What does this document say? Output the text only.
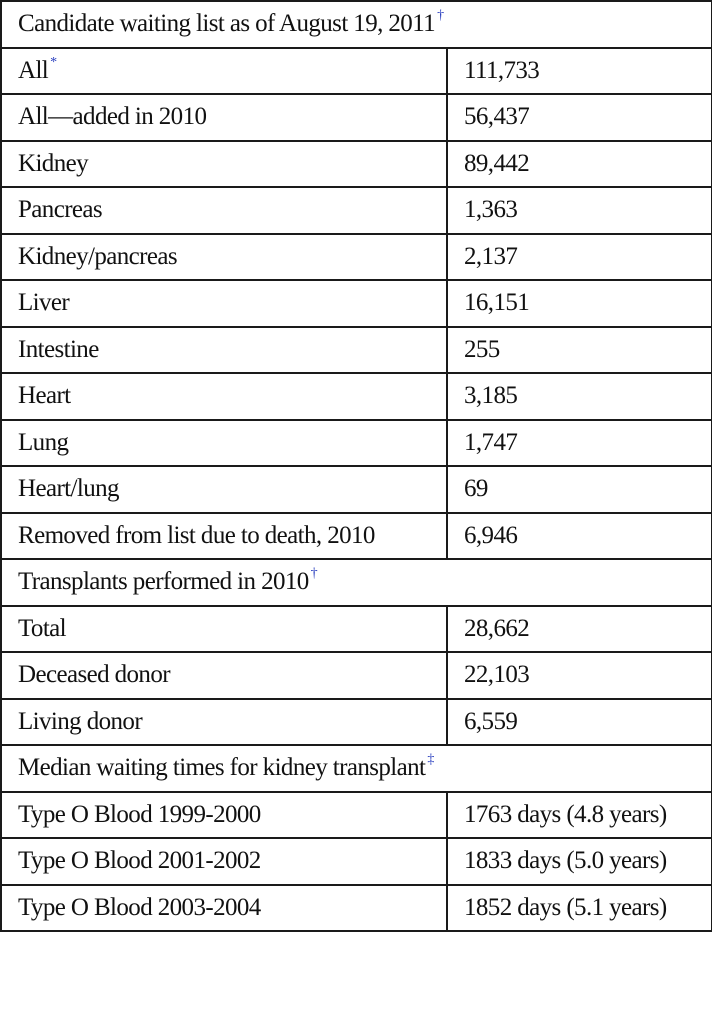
Candidate waiting list as of August 19, 2011 †
All *	111,733
All—added in 2010	56,437
Kidney	89,442
Pancreas	1,363
Kidney/pancreas	2,137
Liver	16,151
Intestine	255
Heart	3,185
Lung	1,747
Heart/lung	69
Removed from list due to death, 2010	6,946
Transplants performed in 2010 †
Total	28,662
Deceased donor	22,103
Living donor	6,559
Median waiting times for kidney transplant ‡
Type O Blood 1999-2000	1763 days (4.8 years)
Type O Blood 2001-2002	1833 days (5.0 years)
Type O Blood 2003-2004	1852 days (5.1 years)
